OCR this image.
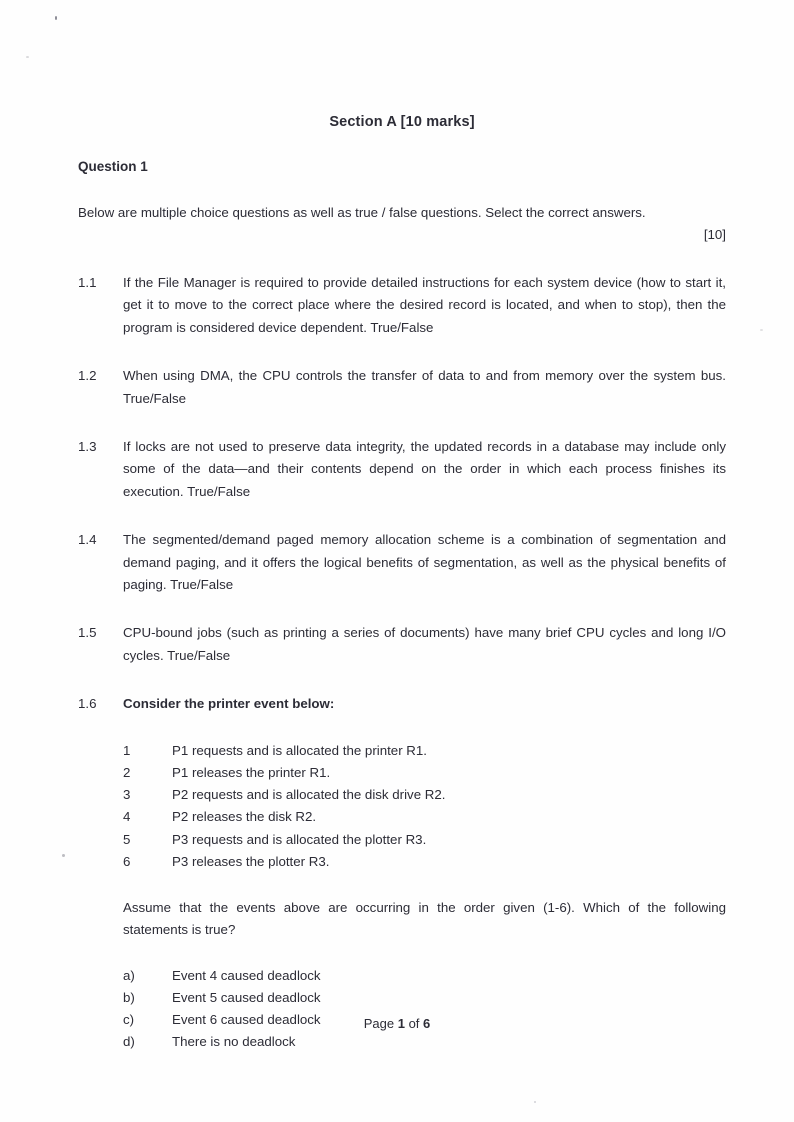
Section A [10 marks]
Question 1
Below are multiple choice questions as well as true / false questions. Select the correct answers.
[10]
1.1	If the File Manager is required to provide detailed instructions for each system device (how to start it, get it to move to the correct place where the desired record is located, and when to stop), then the program is considered device dependent. True/False
1.2	When using DMA, the CPU controls the transfer of data to and from memory over the system bus. True/False
1.3	If locks are not used to preserve data integrity, the updated records in a database may include only some of the data—and their contents depend on the order in which each process finishes its execution. True/False
1.4	The segmented/demand paged memory allocation scheme is a combination of segmentation and demand paging, and it offers the logical benefits of segmentation, as well as the physical benefits of paging. True/False
1.5	CPU-bound jobs (such as printing a series of documents) have many brief CPU cycles and long I/O cycles. True/False
1.6	Consider the printer event below:
1	P1 requests and is allocated the printer R1.
2	P1 releases the printer R1.
3	P2 requests and is allocated the disk drive R2.
4	P2 releases the disk R2.
5	P3 requests and is allocated the plotter R3.
6	P3 releases the plotter R3.
Assume that the events above are occurring in the order given (1-6). Which of the following statements is true?
a)	Event 4 caused deadlock
b)	Event 5 caused deadlock
c)	Event 6 caused deadlock
d)	There is no deadlock
Page 1 of 6
